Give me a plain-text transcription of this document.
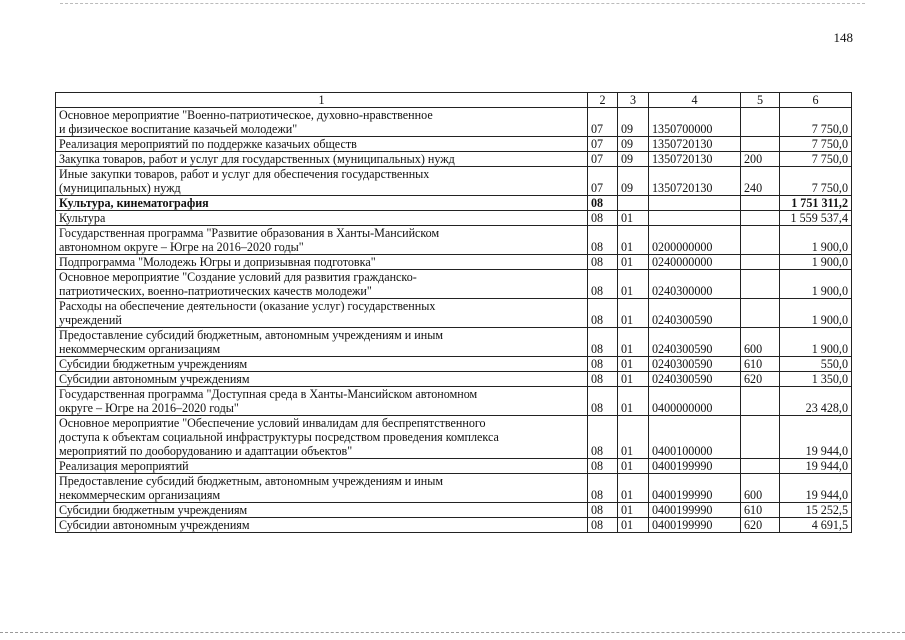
148
1	2	3	4	5	6
Основное мероприятие "Военно-патриотическое, духовно-нравственное
и физическое воспитание казачьей молодежи"	07	09	1350700000		7 750,0
Реализация мероприятий по поддержке казачьих обществ	07	09	1350720130		7 750,0
Закупка товаров, работ и услуг для государственных (муниципальных) нужд	07	09	1350720130	200	7 750,0
Иные закупки товаров, работ и услуг для обеспечения государственных
(муниципальных) нужд	07	09	1350720130	240	7 750,0
Культура, кинематография	08				1 751 311,2
Культура	08	01			1 559 537,4
Государственная программа "Развитие образования в Ханты-Мансийском
автономном округе – Югре на 2016–2020 годы"	08	01	0200000000		1 900,0
Подпрограмма "Молодежь Югры и допризывная подготовка"	08	01	0240000000		1 900,0
Основное мероприятие "Создание условий для развития гражданско-
патриотических, военно-патриотических качеств молодежи"	08	01	0240300000		1 900,0
Расходы на обеспечение деятельности (оказание услуг) государственных
учреждений	08	01	0240300590		1 900,0
Предоставление субсидий бюджетным, автономным учреждениям и иным
некоммерческим организациям	08	01	0240300590	600	1 900,0
Субсидии бюджетным учреждениям	08	01	0240300590	610	550,0
Субсидии автономным учреждениям	08	01	0240300590	620	1 350,0
Государственная программа "Доступная среда в Ханты-Мансийском автономном
округе – Югре на 2016–2020 годы"	08	01	0400000000		23 428,0
Основное мероприятие "Обеспечение условий инвалидам для беспрепятственного
доступа к объектам социальной инфраструктуры посредством проведения комплекса
мероприятий по дооборудованию и адаптации объектов"	08	01	0400100000		19 944,0
Реализация мероприятий	08	01	0400199990		19 944,0
Предоставление субсидий бюджетным, автономным учреждениям и иным
некоммерческим организациям	08	01	0400199990	600	19 944,0
Субсидии бюджетным учреждениям	08	01	0400199990	610	15 252,5
Субсидии автономным учреждениям	08	01	0400199990	620	4 691,5
